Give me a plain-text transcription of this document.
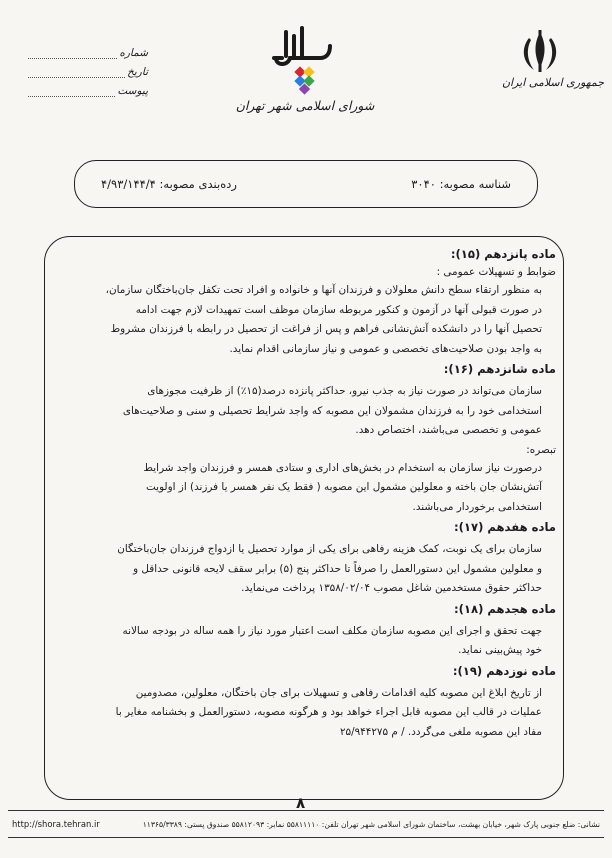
جمهوری اسلامی ایران
شورای اسلامی شهر تهران
شماره
تاریخ
پیوست
شناسه مصوبه: ۳۰۴۰
رده‌بندی مصوبه: ۴/۹۳/۱۴۴/۴
ماده پانزدهم (۱۵):
ضوابط و تسهیلات عمومی :
به منظور ارتقاء سطح دانش معلولان و فرزندان آنها و خانواده و افراد تحت تکفل جان‌باختگان سازمان،
در صورت قبولی آنها در آزمون و کنکور مربوطه سازمان موظف است تمهیدات لازم جهت ادامه
تحصیل آنها را در دانشکده آتش‌نشانی فراهم و پس از فراغت از تحصیل در رابطه با فرزندان مشروط
به واجد بودن صلاحیت‌های تخصصی و عمومی و نیاز سازمانی اقدام نماید.
ماده شانزدهم (۱۶):
سازمان می‌تواند در صورت نیاز به جذب نیرو، حداکثر پانزده درصد(۱۵٪) از ظرفیت مجوزهای
استخدامی خود را به فرزندان مشمولان این مصوبه که واجد شرایط تحصیلی و سنی و صلاحیت‌های
عمومی و تخصصی می‌باشند، اختصاص دهد.
تبصره:
درصورت نیاز سازمان به استخدام در بخش‌های اداری و ستادی همسر و فرزندان واجد شرایط
آتش‌نشان جان باخته و معلولین مشمول این مصوبه ( فقط یک نفر همسر یا فرزند) از اولویت
استخدامی برخوردار می‌باشند.
ماده هفدهم (۱۷):
سازمان برای یک نوبت، کمک هزینه رفاهی برای یکی از موارد تحصیل یا ازدواج فرزندان جان‌باختگان
و معلولین مشمول این دستورالعمل را صرفاً تا حداکثر پنج (۵) برابر سقف لایحه قانونی حداقل و
حداکثر حقوق مستخدمین شاغل مصوب ۱۳۵۸/۰۲/۰۴ پرداخت می‌نماید.
ماده هجدهم (۱۸):
جهت تحقق و اجرای این مصوبه سازمان مکلف است اعتبار مورد نیاز را همه ساله در بودجه سالانه
خود پیش‌بینی نماید.
ماده نوزدهم (۱۹):
از تاریخ ابلاغ این مصوبه کلیه اقدامات رفاهی و تسهیلات برای جان باختگان، معلولین، مصدومین
عملیات در قالب این مصوبه قابل اجراء خواهد بود و هرگونه مصوبه، دستورالعمل و بخشنامه مغایر با
مفاد این مصوبه ملغی می‌گردد. / م ۲۵/۹۴۴۲۷۵
۸
http://shora.tehran.ir	نشانی: ضلع جنوبی پارک شهر، خیابان بهشت، ساختمان شورای اسلامی شهر تهران تلفن: ۵۵۸۱۱۱۱۰ نمابر: ۵۵۸۱۲۰۹۳ صندوق پستی: ۱۱۳۶۵/۳۳۸۹
